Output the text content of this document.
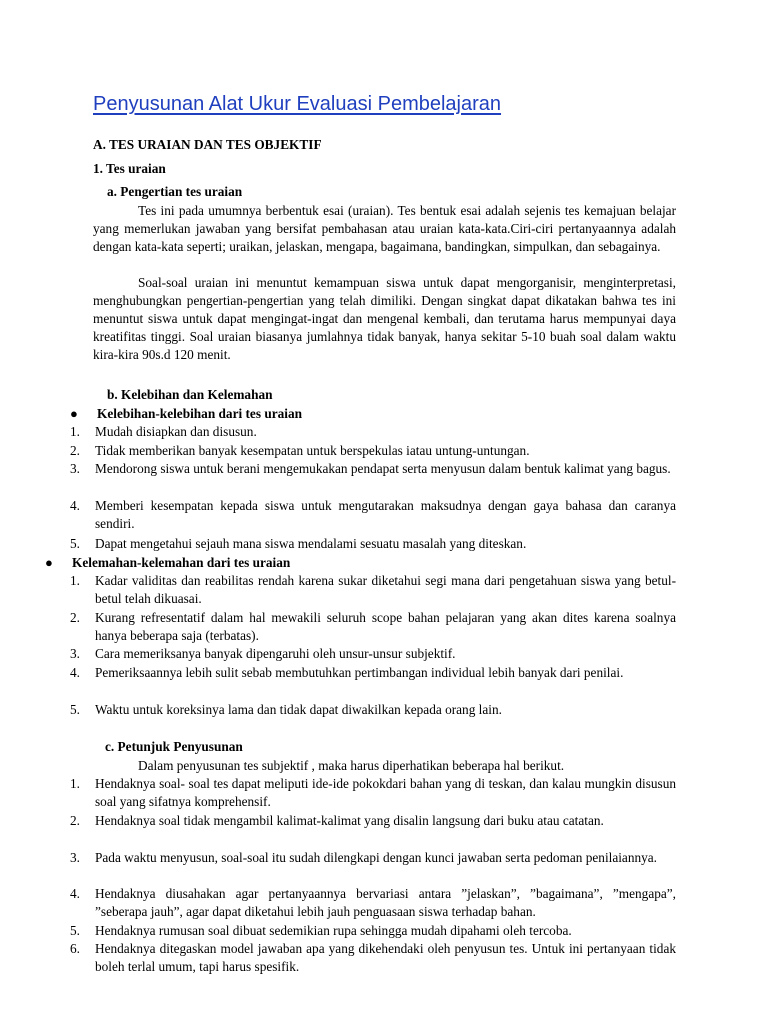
Penyusunan Alat Ukur Evaluasi Pembelajaran
A. TES URAIAN DAN TES OBJEKTIF
1. Tes uraian
a. Pengertian tes uraian

Tes ini pada umumnya berbentuk esai (uraian). Tes bentuk esai adalah sejenis tes kemajuan belajar yang memerlukan jawaban yang bersifat pembahasan atau uraian kata-kata.Ciri-ciri pertanyaannya adalah dengan kata-kata seperti; uraikan, jelaskan, mengapa, bagaimana, bandingkan, simpulkan, dan sebagainya.

Soal-soal uraian ini menuntut kemampuan siswa untuk dapat mengorganisir, menginterpretasi, menghubungkan pengertian-pengertian yang telah dimiliki. Dengan singkat dapat dikatakan bahwa tes ini menuntut siswa untuk dapat mengingat-ingat dan mengenal kembali, dan terutama harus mempunyai daya kreatifitas tinggi. Soal uraian biasanya jumlahnya tidak banyak, hanya sekitar 5-10 buah soal dalam waktu kira-kira 90s.d 120 menit.

b. Kelebihan dan Kelemahan
●	Kelebihan-kelebihan dari tes uraian
1.	Mudah disiapkan dan disusun.
2.	Tidak memberikan banyak kesempatan untuk berspekulas iatau untung-untungan.
3.	Mendorong siswa untuk berani mengemukakan pendapat serta menyusun dalam bentuk kalimat yang bagus.
4.	Memberi kesempatan kepada siswa untuk mengutarakan maksudnya dengan gaya bahasa dan caranya sendiri.
5.	Dapat mengetahui sejauh mana siswa mendalami sesuatu masalah yang diteskan.
●	Kelemahan-kelemahan dari tes uraian
1.	Kadar validitas dan reabilitas rendah karena sukar diketahui segi mana dari pengetahuan siswa yang betul-betul telah dikuasai.
2.	Kurang refresentatif dalam hal mewakili seluruh scope bahan pelajaran yang akan dites karena soalnya hanya beberapa saja (terbatas).
3.	Cara memeriksanya banyak dipengaruhi oleh unsur-unsur subjektif.
4.	Pemeriksaannya lebih sulit sebab membutuhkan pertimbangan individual lebih banyak dari penilai.
5.	Waktu untuk koreksinya lama dan tidak dapat diwakilkan kepada orang lain.
c. Petunjuk Penyusunan
Dalam penyusunan tes subjektif , maka harus diperhatikan beberapa hal berikut.
1.	Hendaknya soal- soal tes dapat meliputi ide-ide pokokdari bahan yang di teskan, dan kalau mungkin disusun soal yang sifatnya komprehensif.
2.	Hendaknya soal tidak mengambil kalimat-kalimat yang disalin langsung dari buku atau catatan.
3.	Pada waktu menyusun, soal-soal itu sudah dilengkapi dengan kunci jawaban serta pedoman penilaiannya.
4.	Hendaknya diusahakan agar pertanyaannya bervariasi antara ”jelaskan”, ”bagaimana”, ”mengapa”, ”seberapa jauh”, agar dapat diketahui lebih jauh penguasaan siswa terhadap bahan.
5.	Hendaknya rumusan soal dibuat sedemikian rupa sehingga mudah dipahami oleh tercoba.
6.	Hendaknya ditegaskan model jawaban apa yang dikehendaki oleh penyusun tes. Untuk ini pertanyaan tidak boleh terlal umum, tapi harus spesifik.
